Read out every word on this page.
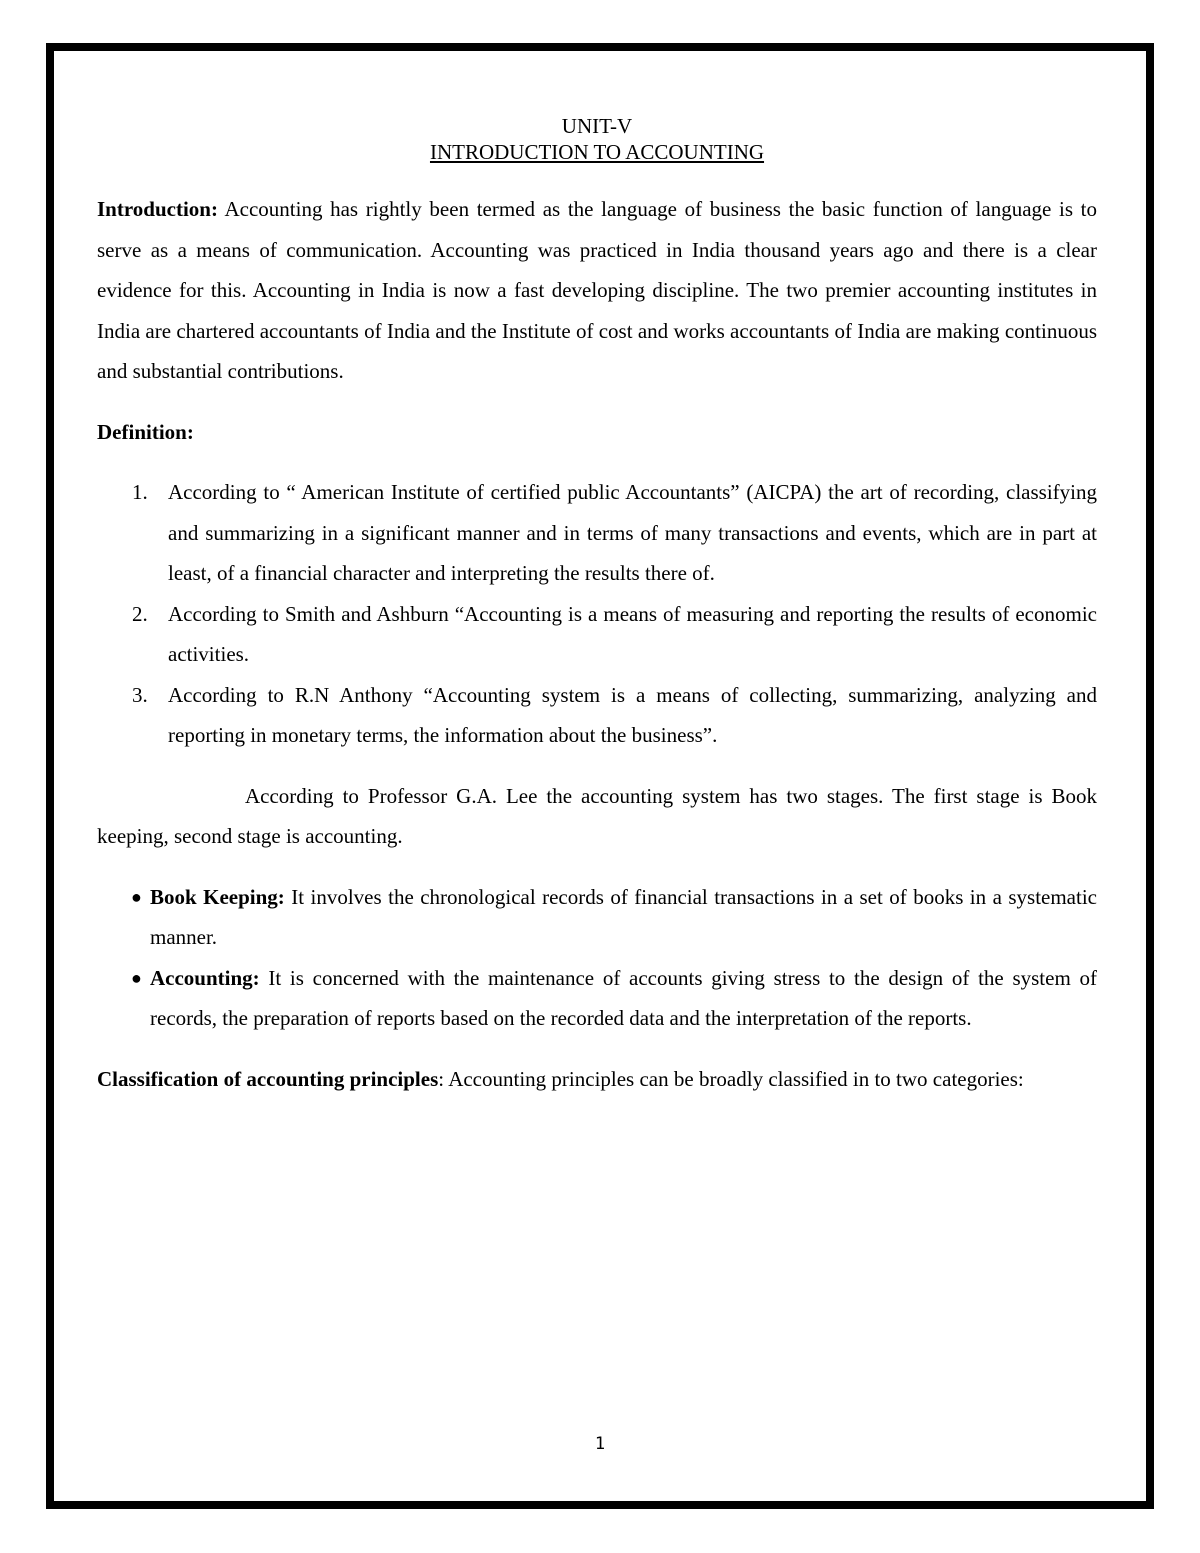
UNIT-V
INTRODUCTION TO ACCOUNTING

Introduction: Accounting has rightly been termed as the language of business the basic function of language is to serve as a means of communication. Accounting was practiced in India thousand years ago and there is a clear evidence for this. Accounting in India is now a fast developing discipline. The two premier accounting institutes in India are chartered accountants of India and the Institute of cost and works accountants of India are making continuous and substantial contributions.

Definition:

1. According to “ American Institute of certified public Accountants” (AICPA) the art of recording, classifying and summarizing in a significant manner and in terms of many transactions and events, which are in part at least, of a financial character and interpreting the results there of.
2. According to Smith and Ashburn “Accounting is a means of measuring and reporting the results of economic activities.
3. According to R.N Anthony “Accounting system is a means of collecting, summarizing, analyzing and reporting in monetary terms, the information about the business”.

According to Professor G.A. Lee the accounting system has two stages. The first stage is Book keeping, second stage is accounting.

● Book Keeping: It involves the chronological records of financial transactions in a set of books in a systematic manner.
● Accounting: It is concerned with the maintenance of accounts giving stress to the design of the system of records, the preparation of reports based on the recorded data and the interpretation of the reports.

Classification of accounting principles: Accounting principles can be broadly classified in to two categories:

1
